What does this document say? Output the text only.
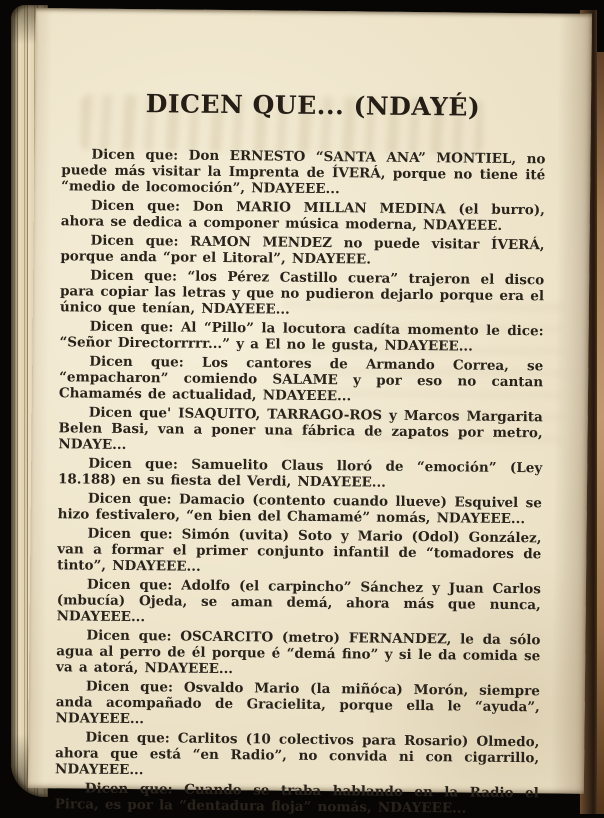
DICEN QUE... (NDAYÉ)

Dicen que: Don ERNESTO “SANTA ANA” MONTIEL, no puede más visitar la Imprenta de ÍVERÁ, porque no tiene ité “medio de locomoción”, NDAYEEE...

Dicen que: Don MARIO MILLAN MEDINA (el burro), ahora se dedica a componer música moderna, NDAYEEE.

Dicen que: RAMON MENDEZ no puede visitar ÍVERÁ, porque anda “por el Litoral”, NDAYEEE.

Dicen que: “los Pérez Castillo cuera” trajeron el disco para copiar las letras y que no pudieron dejarlo porque era el único que tenían, NDAYEEE...

Dicen que: Al “Pillo” la locutora cadíta momento le dice: “Señor Directorrrrr...” y a El no le gusta, NDAYEEE...

Dicen que: Los cantores de Armando Correa, se “empacharon” comiendo SALAME y por eso no cantan Chamamés de actualidad, NDAYEEE...

Dicen que' ISAQUITO, TARRAGO-ROS y Marcos Margarita Belen Basi, van a poner una fábrica de zapatos por metro, NDAYE...

Dicen que: Samuelito Claus lloró de “emoción” (Ley 18.188) en su fiesta del Verdi, NDAYEEE...

Dicen que: Damacio (contento cuando llueve) Esquivel se hizo festivalero, “en bien del Chamamé” nomás, NDAYEEE...

Dicen que: Simón (uvita) Soto y Mario (Odol) González, van a formar el primer conjunto infantil de “tomadores de tinto”, NDAYEEE...

Dicen que: Adolfo (el carpincho” Sánchez y Juan Carlos (mbucía) Ojeda, se aman demá, ahora más que nunca, NDAYEEE...

Dicen que: OSCARCITO (metro) FERNANDEZ, le da sólo agua al perro de él porque é “demá fino” y si le da comida se va a atorá, NDAYEEE...

Dicen que: Osvaldo Mario (la miñóca) Morón, siempre anda acompañado de Gracielita, porque ella le “ayuda”, NDAYEEE...

Dicen que: Carlitos (10 colectivos para Rosario) Olmedo, ahora que está “en Radio”, no convida ni con cigarrillo, NDAYEEE...

Dicen que: Cuando se traba hablando en la Radio el Pirca, es por la “dentadura floja” nomás, NDAYEEE...
